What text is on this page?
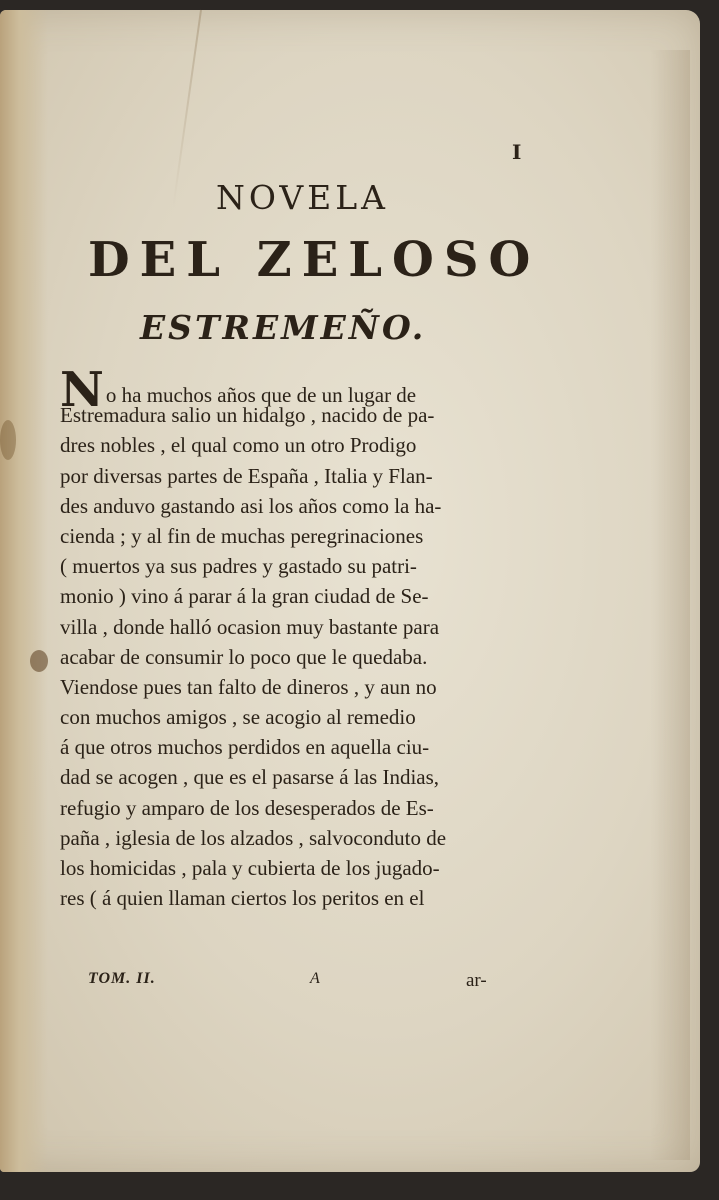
I
NOVELA
DEL ZELOSO
ESTREMEÑO.
No ha muchos años que de un lugar de
Estremadura salio un hidalgo , nacido de pa-
dres nobles , el qual como un otro Prodigo
por diversas partes de España , Italia y Flan-
des anduvo gastando asi los años como la ha-
cienda ; y al fin de muchas peregrinaciones
( muertos ya sus padres y gastado su patri-
monio ) vino á parar á la gran ciudad de Se-
villa , donde halló ocasion muy bastante para
acabar de consumir lo poco que le quedaba.
Viendose pues tan falto de dineros , y aun no
con muchos amigos , se acogio al remedio
á que otros muchos perdidos en aquella ciu-
dad se acogen , que es el pasarse á las Indias,
refugio y amparo de los desesperados de Es-
paña , iglesia de los alzados , salvoconduto de
los homicidas , pala y cubierta de los jugado-
res ( á quien llaman ciertos los peritos en el
TOM. II.	A	ar-
